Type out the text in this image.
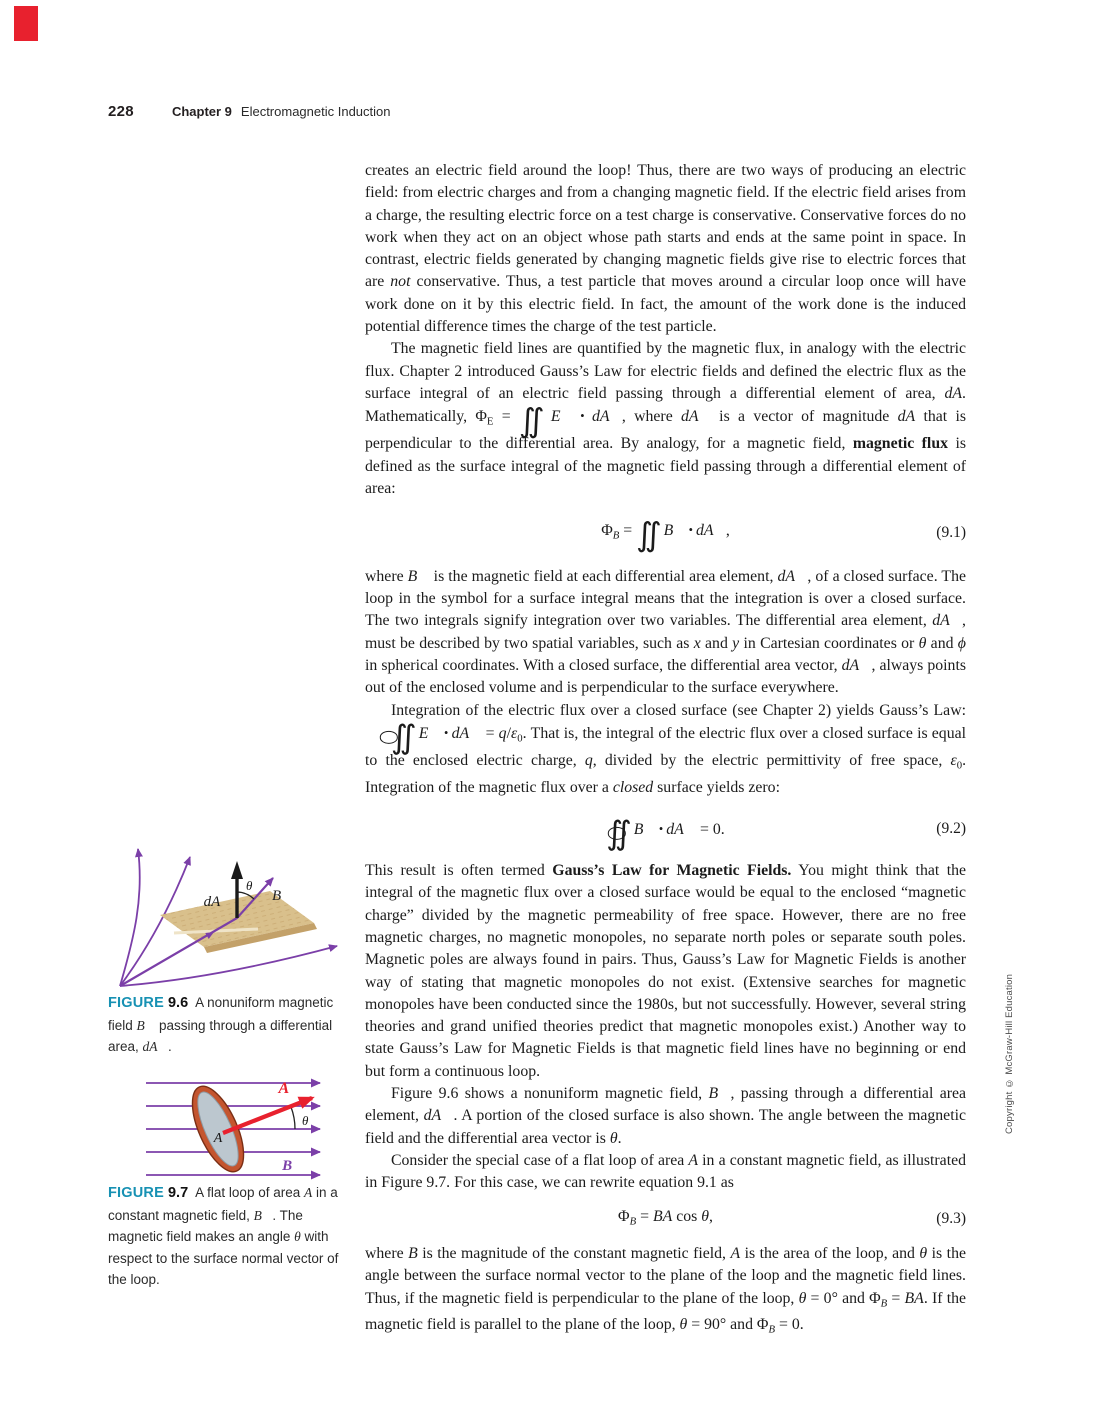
228	Chapter 9 Electromagnetic Induction

creates an electric field around the loop! Thus, there are two ways of producing an electric field: from electric charges and from a changing magnetic field. If the electric field arises from a charge, the resulting electric force on a test charge is conservative. Conservative forces do no work when they act on an object whose path starts and ends at the same point in space. In contrast, electric fields generated by changing magnetic fields give rise to electric forces that are not conservative. Thus, a test particle that moves around a circular loop once will have work done on it by this electric field. In fact, the amount of the work done is the induced potential difference times the charge of the test particle.

The magnetic field lines are quantified by the magnetic flux, in analogy with the electric flux. Chapter 2 introduced Gauss’s Law for electric fields and defined the electric flux as the surface integral of an electric field passing through a differential element of area, dA. Mathematically, $\Phi_E$ = ∬ E⃗ • dA⃗, where dA⃗ is a vector of magnitude dA that is perpendicular to the differential area. By analogy, for a magnetic field, magnetic flux is defined as the surface integral of the magnetic field passing through a differential element of area:

$\Phi_B$ = ∬ B⃗ • dA⃗,	(9.1)

where B⃗ is the magnetic field at each differential area element, dA⃗, of a closed surface. The loop in the symbol for a surface integral means that the integration is over a closed surface. The two integrals signify integration over two variables. The differential area element, dA⃗, must be described by two spatial variables, such as x and y in Cartesian coordinates or θ and ϕ in spherical coordinates. With a closed surface, the differential area vector, dA⃗, always points out of the enclosed volume and is perpendicular to the surface everywhere.

Integration of the electric flux over a closed surface (see Chapter 2) yields Gauss’s Law: ∬ E⃗ • dA⃗ = $q/\varepsilon_0$. That is, the integral of the electric flux over a closed surface is equal to the enclosed electric charge, q, divided by the electric permittivity of free space, $\varepsilon_0$. Integration of the magnetic flux over a closed surface yields zero:

∬ B⃗ • dA⃗ = 0.	(9.2)

This result is often termed Gauss’s Law for Magnetic Fields. You might think that the integral of the magnetic flux over a closed surface would be equal to the enclosed “magnetic charge” divided by the magnetic permeability of free space. However, there are no free magnetic charges, no magnetic monopoles, no separate north poles or separate south poles. Magnetic poles are always found in pairs. Thus, Gauss’s Law for Magnetic Fields is another way of stating that magnetic monopoles do not exist. (Extensive searches for magnetic monopoles have been conducted since the 1980s, but not successfully. However, several string theories and grand unified theories predict that magnetic monopoles exist.) Another way to state Gauss’s Law for Magnetic Fields is that magnetic field lines have no beginning or end but form a continuous loop.

Figure 9.6 shows a nonuniform magnetic field, B⃗, passing through a differential area element, dA⃗. A portion of the closed surface is also shown. The angle between the magnetic field and the differential area vector is θ.

Consider the special case of a flat loop of area A in a constant magnetic field, as illustrated in Figure 9.7. For this case, we can rewrite equation 9.1 as

$\Phi_B$ = BA cos θ,	(9.3)

where B is the magnitude of the constant magnetic field, A is the area of the loop, and θ is the angle between the surface normal vector to the plane of the loop and the magnetic field lines. Thus, if the magnetic field is perpendicular to the plane of the loop, θ = 0° and $\Phi_B$ = BA. If the magnetic field is parallel to the plane of the loop, θ = 90° and $\Phi_B = 0$.

dA⃗
θ
B⃗
FIGURE 9.6 A nonuniform magnetic field B⃗ passing through a differential area, dA⃗.
A
A⃗
θ
B⃗
FIGURE 9.7 A flat loop of area A in a constant magnetic field, B⃗. The magnetic field makes an angle θ with respect to the surface normal vector of the loop.
Copyright © McGraw-Hill Education
